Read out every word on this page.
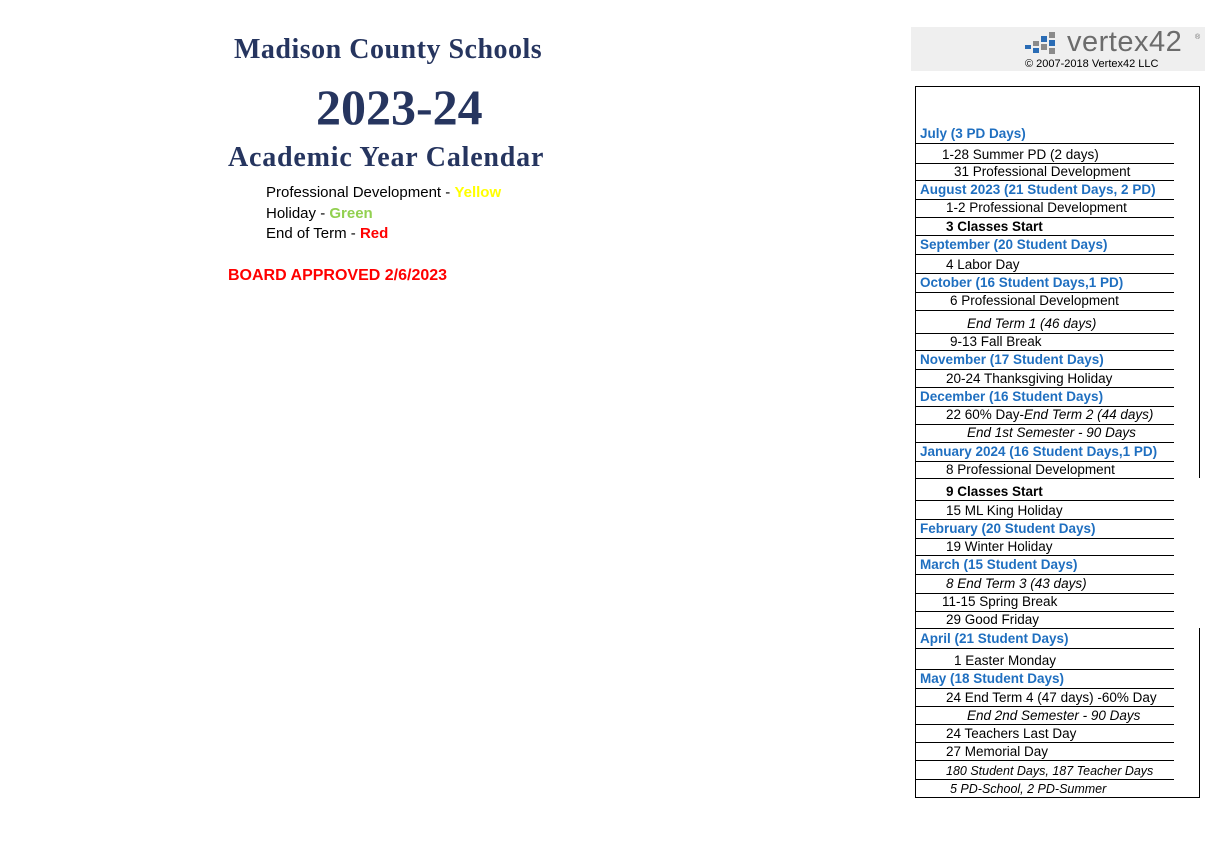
Madison County Schools
2023-24
Academic Year Calendar
Professional Development - Yellow
Holiday - Green
End of Term - Red
BOARD APPROVED 2/6/2023
vertex42 ®
© 2007-2018 Vertex42 LLC
July (3 PD Days)
1-28 Summer PD (2 days)
31 Professional Development
August 2023 (21 Student Days, 2 PD)
1-2 Professional Development
3 Classes Start
September (20 Student Days)
4 Labor Day
October (16 Student Days,1 PD)
6 Professional Development
End Term 1 (46 days)
9-13 Fall Break
November (17 Student Days)
20-24 Thanksgiving Holiday
December (16 Student Days)
22 60% Day-End Term 2 (44 days)
End 1st Semester - 90 Days
January 2024 (16 Student Days,1 PD)
8 Professional Development
9 Classes Start
15 ML King Holiday
February (20 Student Days)
19 Winter Holiday
March (15 Student Days)
8 End Term 3 (43 days)
11-15 Spring Break
29 Good Friday
April (21 Student Days)
1 Easter Monday
May (18 Student Days)
24 End Term 4 (47 days) -60% Day
End 2nd Semester - 90 Days
24 Teachers Last Day
27 Memorial Day
180 Student Days, 187 Teacher Days
5 PD-School, 2 PD-Summer
